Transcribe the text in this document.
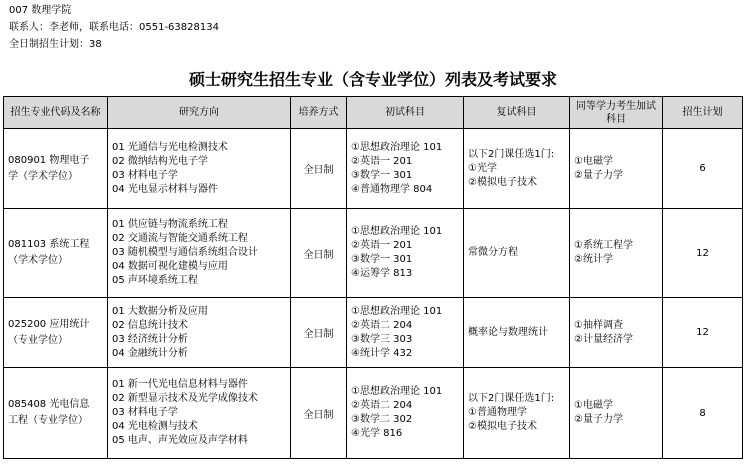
007 数理学院
联系人：李老师，联系电话：0551-63828134
全日制招生计划：38
硕士研究生招生专业（含专业学位）列表及考试要求
招生专业代码及名称	研究方向	培养方式	初试科目	复试科目	同等学力考生加试科目	招生计划

080901 物理电子
学（学术学位）	01 光通信与光电检测技术
02 微纳结构光电子学
03 材料电子学
04 光电显示材料与器件	全日制	①思想政治理论 101
②英语一 201
③数学一 301
④普通物理学 804	以下2门课任选1门:
①光学
②模拟电子技术	①电磁学
②量子力学	6

081103 系统工程
（学术学位）	01 供应链与物流系统工程
02 交通流与智能交通系统工程
03 随机模型与通信系统组合设计
04 数据可视化建模与应用
05 声环境系统工程	全日制	①思想政治理论 101
②英语一 201
③数学一 301
④运筹学 813	常微分方程	①系统工程学
②统计学	12

025200 应用统计
（专业学位）	01 大数据分析及应用
02 信息统计技术
03 经济统计分析
04 金融统计分析	全日制	①思想政治理论 101
②英语二 204
③数学三 303
④统计学 432	概率论与数理统计	①抽样调查
②计量经济学	12

085408 光电信息
工程（专业学位）	01 新一代光电信息材料与器件
02 新型显示技术及光学成像技术
03 材料电子学
04 光电检测与技术
05 电声、声光效应及声学材料	全日制	①思想政治理论 101
②英语二 204
③数学二 302
④光学 816	以下2门课任选1门:
①普通物理学
②模拟电子技术	①电磁学
②量子力学	8
